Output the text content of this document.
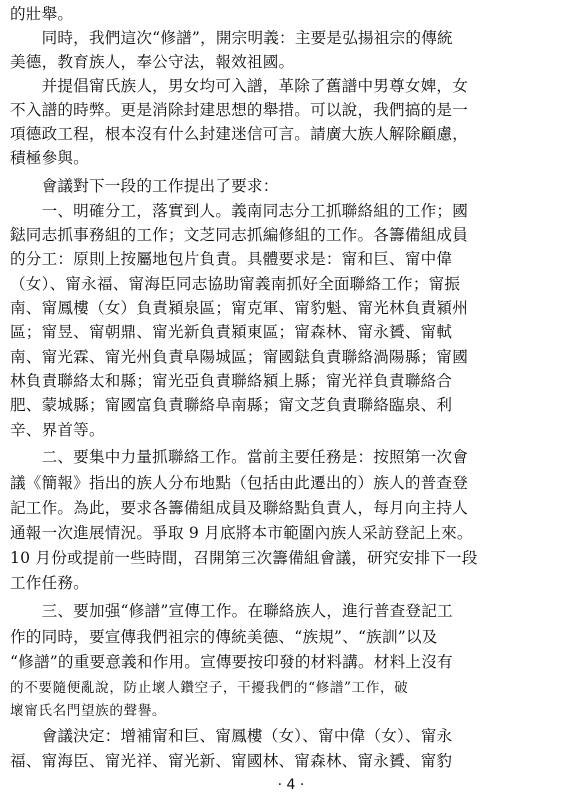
的壯舉。
　　同時，我們這次“修譜”，開宗明義：主要是弘揚祖宗的傳統
美德，教育族人，奉公守法，報效祖國。
　　并提倡甯氏族人，男女均可入譜，革除了舊譜中男尊女婢，女
不入譜的時弊。更是消除封建思想的舉措。可以說，我們搞的是一
項德政工程，根本沒有什么封建迷信可言。請廣大族人解除顧慮，
積極參與。
　　會議對下一段的工作提出了要求：
　　一、明確分工，落實到人。義南同志分工抓聯絡組的工作；國
鍅同志抓事務組的工作；文芝同志抓編修組的工作。各籌備組成員
的分工：原則上按屬地包片負責。具體要求是：甯和巨、甯中偉
（女）、甯永福、甯海臣同志協助甯義南抓好全面聯絡工作；甯振
南、甯鳳樓（女）負責潁泉區；甯克軍、甯豹魁、甯光林負責潁州
區；甯昱、甯朝鼎、甯光新負責潁東區；甯森林、甯永贇、甯軾
南、甯光霖、甯光州負責阜陽城區；甯國鍅負責聯絡渦陽縣；甯國
林負責聯絡太和縣；甯光亞負責聯絡潁上縣；甯光祥負責聯絡合
肥、蒙城縣；甯國富負責聯絡阜南縣；甯文芝負責聯絡臨泉、利
辛、界首等。
　　二、要集中力量抓聯絡工作。當前主要任務是：按照第一次會
議《簡報》指出的族人分布地點（包括由此遷出的）族人的普查登
記工作。為此，要求各籌備組成員及聯絡點負責人，每月向主持人
通報一次進展情況。爭取 9 月底將本市範圍內族人采訪登記上來。
10 月份或提前一些時間，召開第三次籌備組會議，研究安排下一段
工作任務。
　　三、要加强“修譜”宣傳工作。在聯絡族人，進行普查登記工
作的同時，要宣傳我們祖宗的傳統美德、“族規”、“族訓”以及
“修譜”的重要意義和作用。宣傳要按印發的材料講。材料上沒有
的不要隨便亂說，防止壞人鑽空子，干擾我們的“修譜”工作，破
壞甯氏名門望族的聲譽。
　　會議決定：增補甯和巨、甯鳳樓（女）、甯中偉（女）、甯永
福、甯海臣、甯光祥、甯光新、甯國林、甯森林、甯永贇、甯豹
· 4 ·
